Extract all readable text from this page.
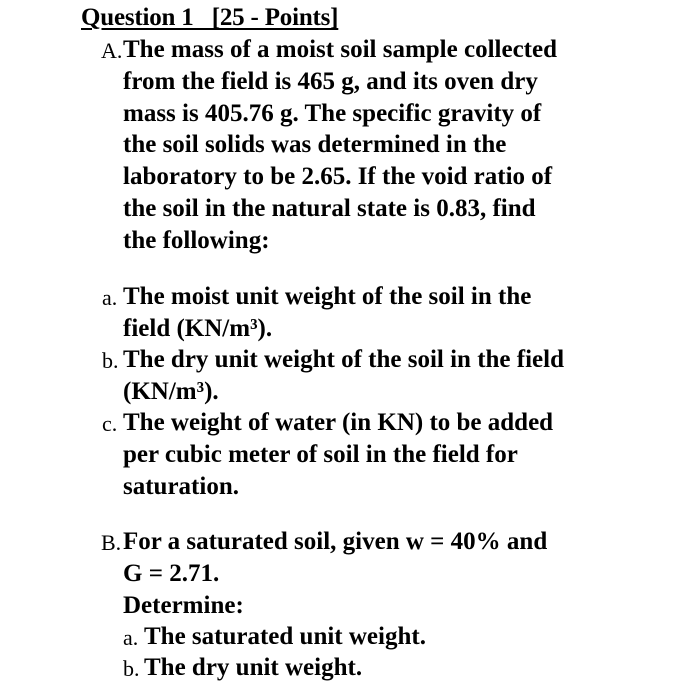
Question 1   [25 - Points]
A. The mass of a moist soil sample collected
from the field is 465 g, and its oven dry
mass is 405.76 g. The specific gravity of
the soil solids was determined in the
laboratory to be 2.65. If the void ratio of
the soil in the natural state is 0.83, find
the following:
a. The moist unit weight of the soil in the
field (KN/m³).
b. The dry unit weight of the soil in the field
(KN/m³).
c. The weight of water (in KN) to be added
per cubic meter of soil in the field for
saturation.
B. For a saturated soil, given w = 40% and
G = 2.71.
Determine:
a. The saturated unit weight.
b. The dry unit weight.
